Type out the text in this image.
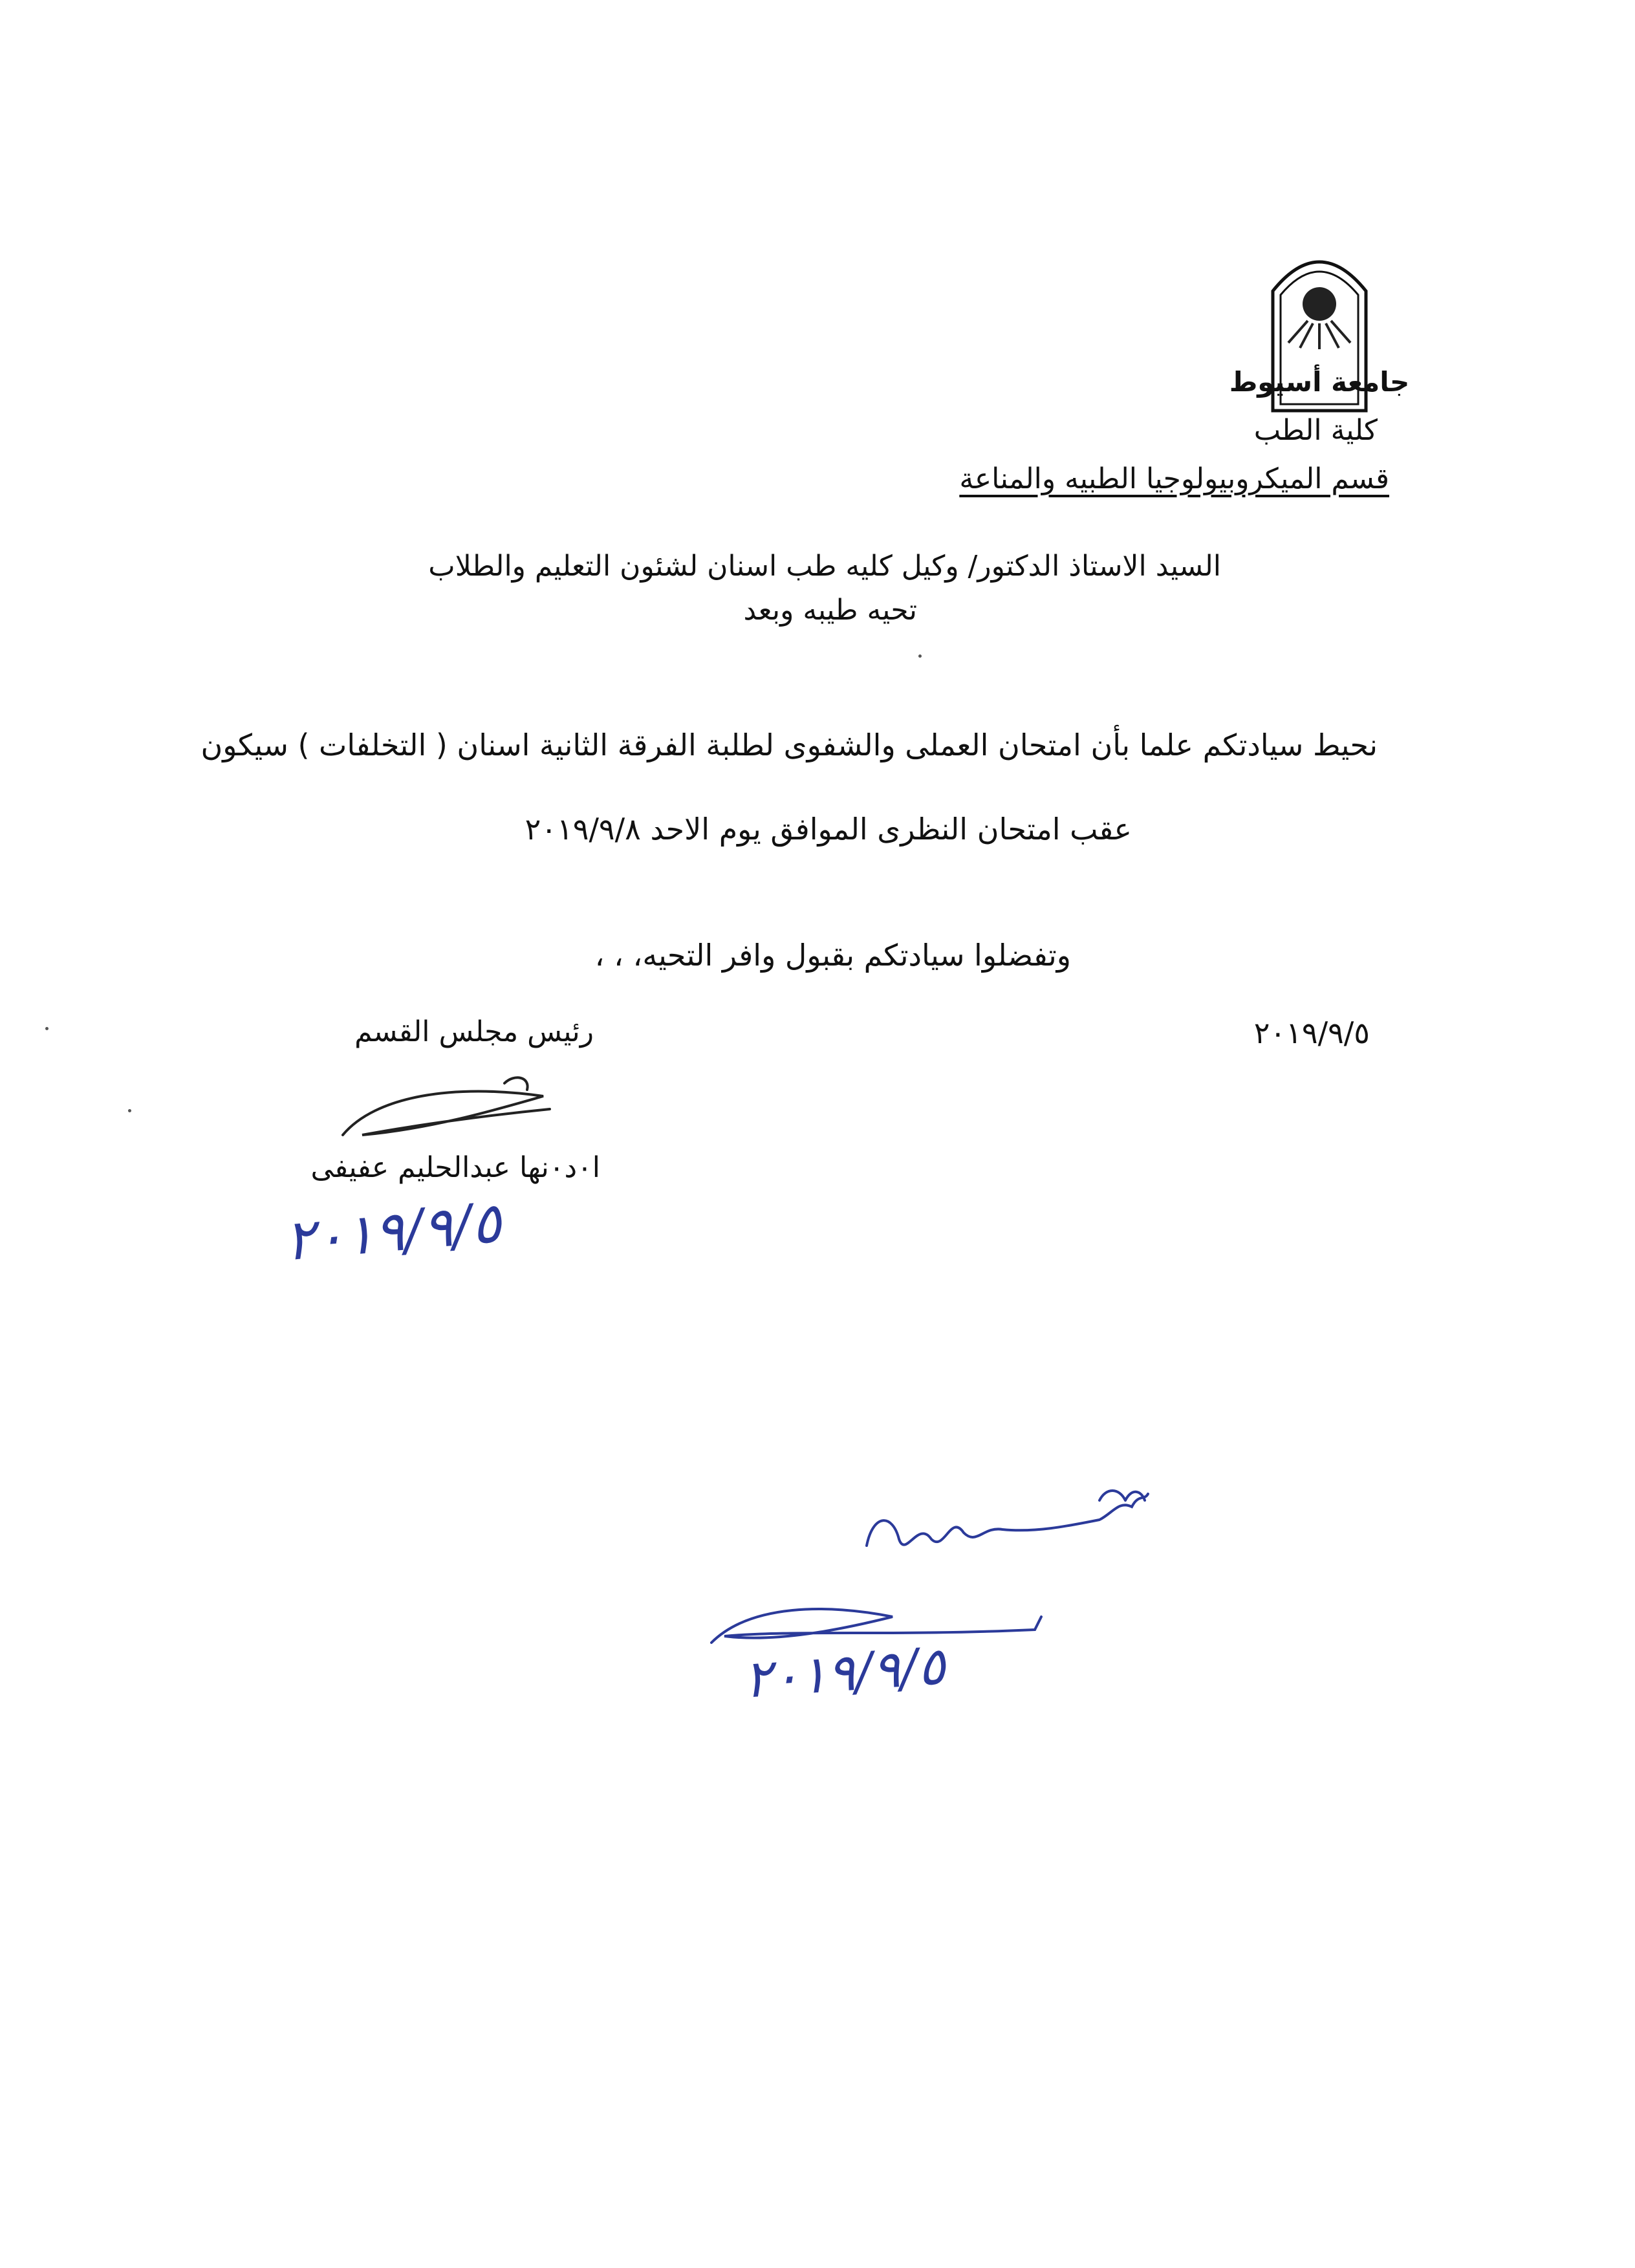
جامعة أسيوط
كلية الطب
قسم الميكروبيولوجيا الطبيه والمناعة
السيد الاستاذ الدكتور/ وكيل كليه طب اسنان لشئون التعليم والطلاب
تحيه طيبه وبعد
نحيط سيادتكم علما بأن امتحان العملى والشفوى لطلبة الفرقة الثانية اسنان ( التخلفات ) سيكون
عقب امتحان النظرى الموافق يوم الاحد ٢٠١٩/٩/٨
وتفضلوا سيادتكم بقبول وافر التحيه، ، ،
٢٠١٩/٩/٥
رئيس مجلس القسم
ا٠د٠نها عبدالحليم عفيفى
٢٠١٩/٩/٥
٢٠١٩/٩/٥
